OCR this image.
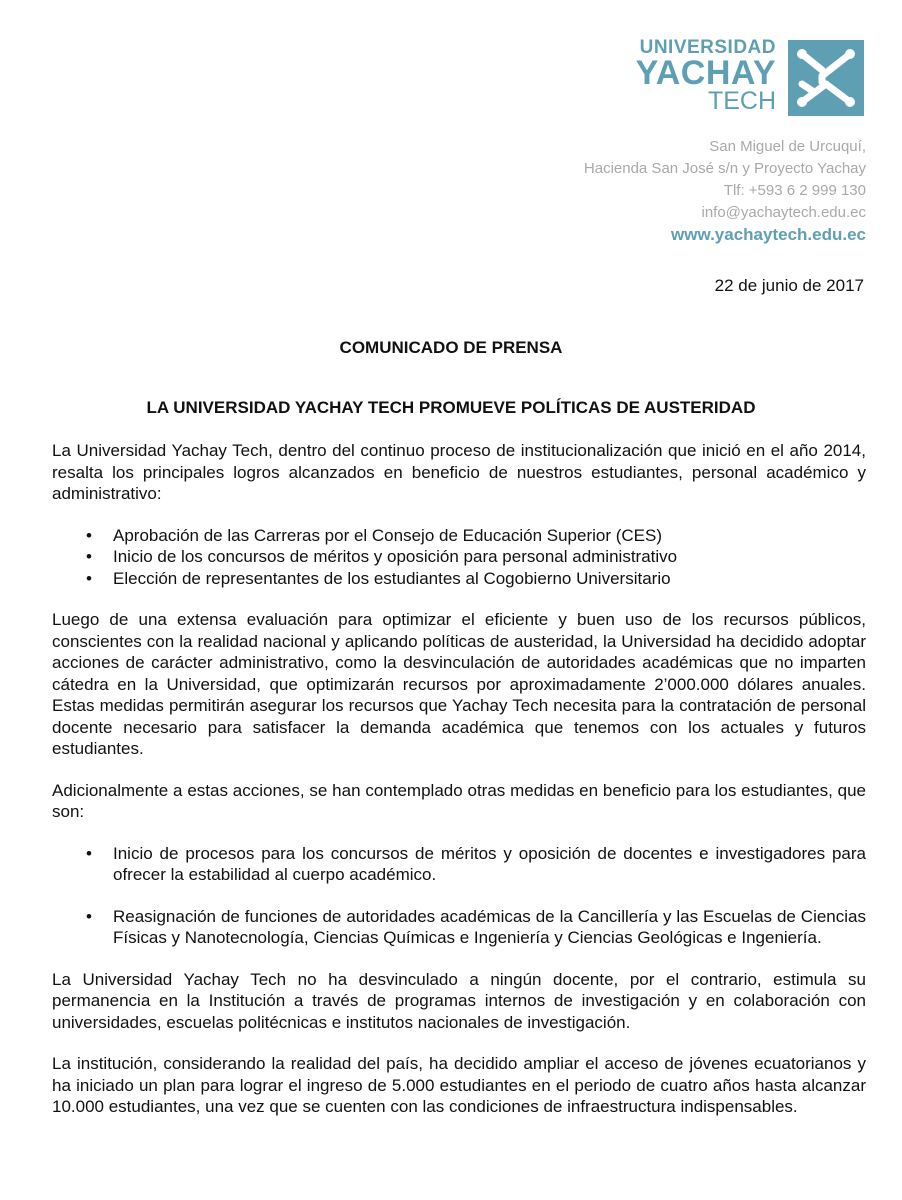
UNIVERSIDAD
YACHAY
TECH
San Miguel de Urcuquí,
Hacienda San José s/n y Proyecto Yachay
Tlf: +593 6 2 999 130
info@yachaytech.edu.ec
www.yachaytech.edu.ec
22 de junio de 2017
COMUNICADO DE PRENSA
LA UNIVERSIDAD YACHAY TECH PROMUEVE POLÍTICAS DE AUSTERIDAD

La Universidad Yachay Tech, dentro del continuo proceso de institucionalización que inició en el año 2014, resalta los principales logros alcanzados en beneficio de nuestros estudiantes, personal académico y administrativo:

• Aprobación de las Carreras por el Consejo de Educación Superior (CES)
• Inicio de los concursos de méritos y oposición para personal administrativo
• Elección de representantes de los estudiantes al Cogobierno Universitario

Luego de una extensa evaluación para optimizar el eficiente y buen uso de los recursos públicos, conscientes con la realidad nacional y aplicando políticas de austeridad, la Universidad ha decidido adoptar acciones de carácter administrativo, como la desvinculación de autoridades académicas que no imparten cátedra en la Universidad, que optimizarán recursos por aproximadamente 2’000.000 dólares anuales. Estas medidas permitirán asegurar los recursos que Yachay Tech necesita para la contratación de personal docente necesario para satisfacer la demanda académica que tenemos con los actuales y futuros estudiantes.

Adicionalmente a estas acciones, se han contemplado otras medidas en beneficio para los estudiantes, que son:

• Inicio de procesos para los concursos de méritos y oposición de docentes e investigadores para ofrecer la estabilidad al cuerpo académico.
• Reasignación de funciones de autoridades académicas de la Cancillería y las Escuelas de Ciencias Físicas y Nanotecnología, Ciencias Químicas e Ingeniería y Ciencias Geológicas e Ingeniería.

La Universidad Yachay Tech no ha desvinculado a ningún docente, por el contrario, estimula su permanencia en la Institución a través de programas internos de investigación y en colaboración con universidades, escuelas politécnicas e institutos nacionales de investigación.

La institución, considerando la realidad del país, ha decidido ampliar el acceso de jóvenes ecuatorianos y ha iniciado un plan para lograr el ingreso de 5.000 estudiantes en el periodo de cuatro años hasta alcanzar 10.000 estudiantes, una vez que se cuenten con las condiciones de infraestructura indispensables.
